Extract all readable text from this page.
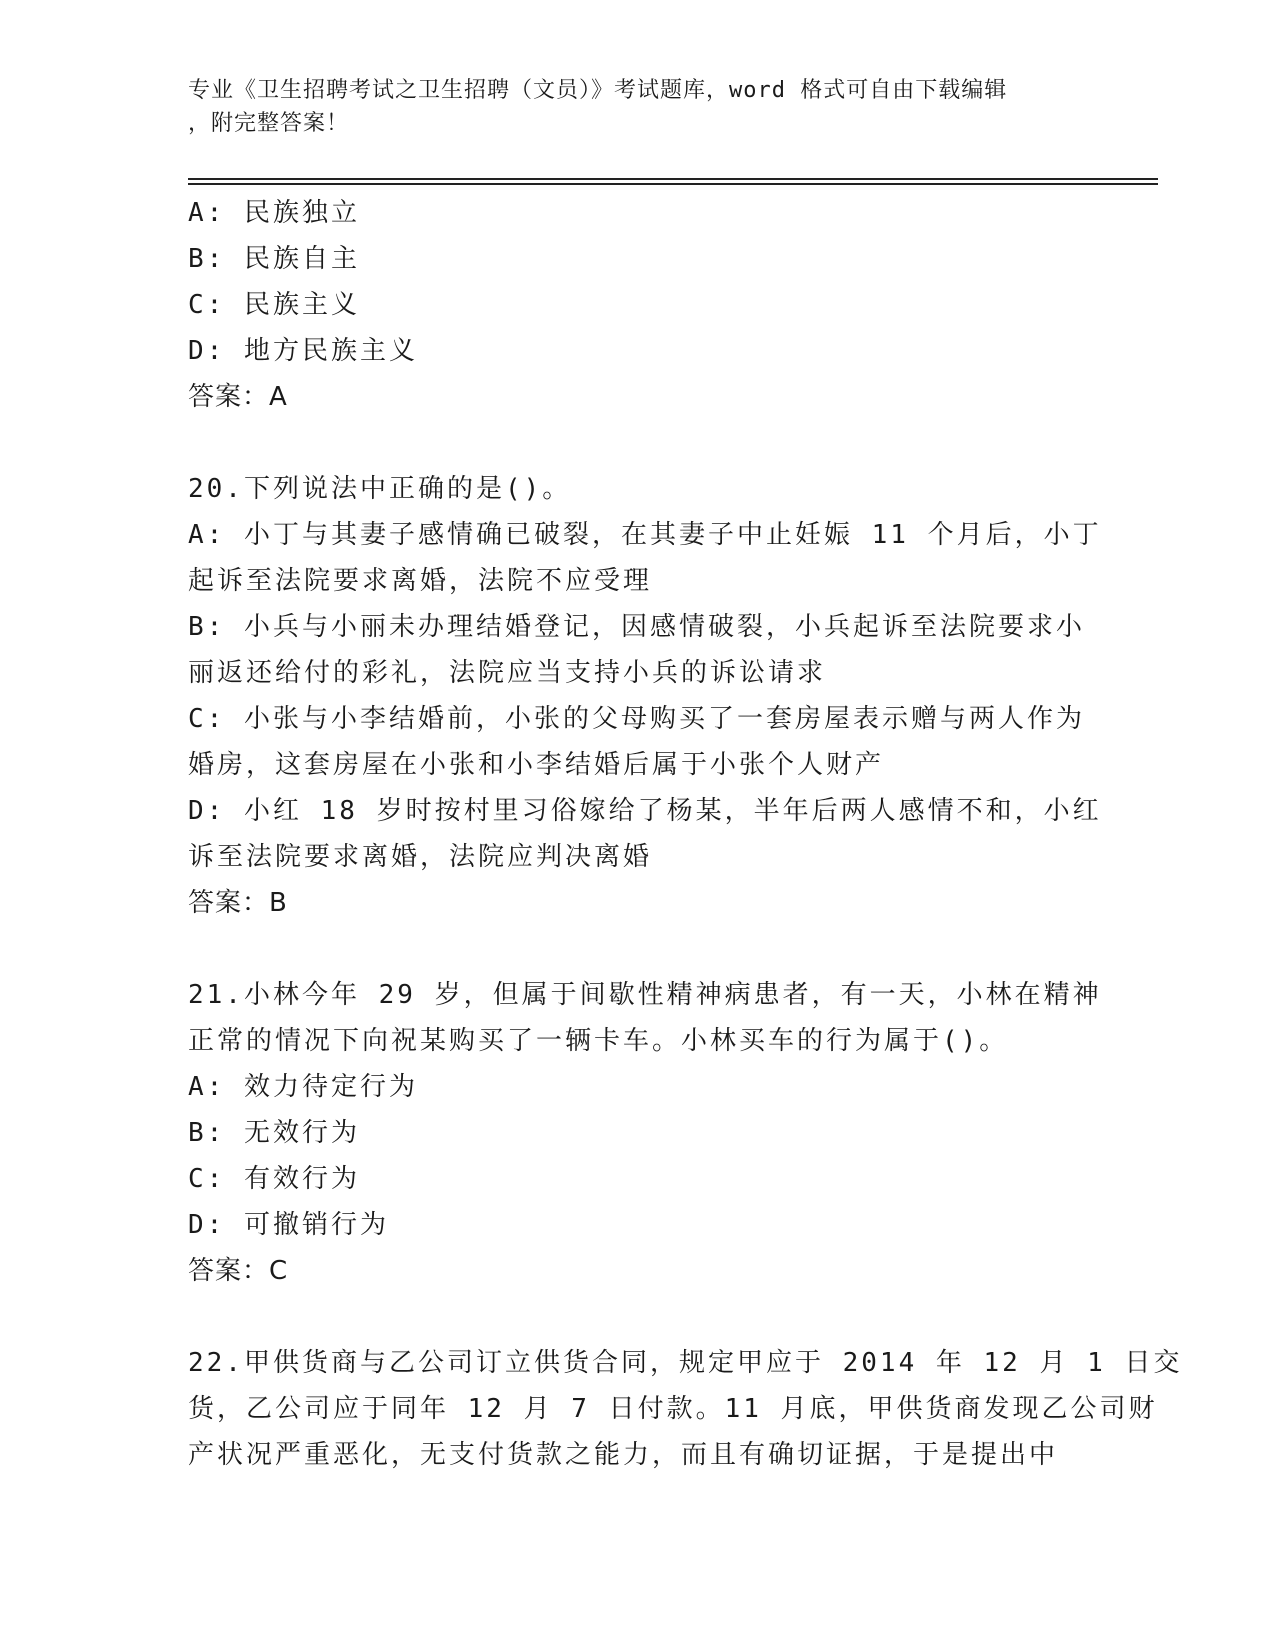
专业《卫生招聘考试之卫生招聘（文员）》考试题库，word 格式可自由下载编辑
，附完整答案！
A: 民族独立
B: 民族自主
C: 民族主义
D: 地方民族主义
答案：A
20.下列说法中正确的是()。
A: 小丁与其妻子感情确已破裂，在其妻子中止妊娠 11 个月后，小丁
起诉至法院要求离婚，法院不应受理
B: 小兵与小丽未办理结婚登记，因感情破裂，小兵起诉至法院要求小
丽返还给付的彩礼，法院应当支持小兵的诉讼请求
C: 小张与小李结婚前，小张的父母购买了一套房屋表示赠与两人作为
婚房，这套房屋在小张和小李结婚后属于小张个人财产
D: 小红 18 岁时按村里习俗嫁给了杨某，半年后两人感情不和，小红
诉至法院要求离婚，法院应判决离婚
答案：B
21.小林今年 29 岁，但属于间歇性精神病患者，有一天，小林在精神
正常的情况下向祝某购买了一辆卡车。小林买车的行为属于()。
A: 效力待定行为
B: 无效行为
C: 有效行为
D: 可撤销行为
答案：C
22.甲供货商与乙公司订立供货合同，规定甲应于 2014 年 12 月 1 日交
货，乙公司应于同年 12 月 7 日付款。11 月底，甲供货商发现乙公司财
产状况严重恶化，无支付货款之能力，而且有确切证据，于是提出中
